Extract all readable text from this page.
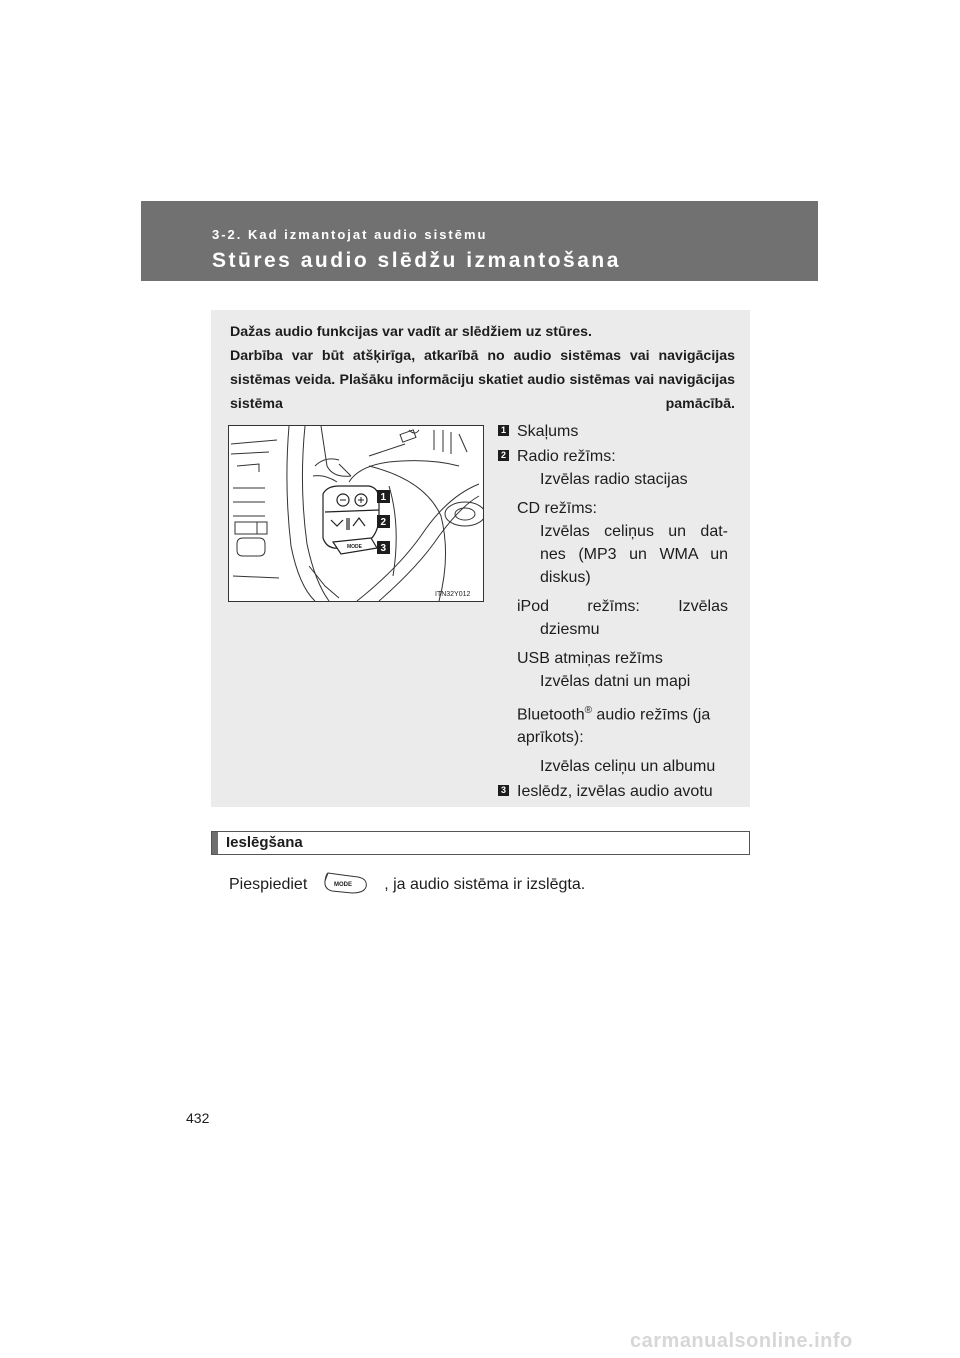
3-2. Kad izmantojat audio sistēmu
Stūres audio slēdžu izmantošana

Dažas audio funkcijas var vadīt ar slēdžiem uz stūres.

Darbība var būt atšķirīga, atkarībā no audio sistēmas vai navigācijas sistēmas veida. Plašāku informāciju skatiet audio sistēmas vai navigācijas sistēma pamācībā.

MODE
1
2
3
ITN32Y012
1 Skaļums
2 Radio režīms:
Izvēlas radio stacijas
CD režīms:
Izvēlas celiņus un dat-
nes (MP3 un WMA un
diskus)
iPod režīms: Izvēlas
dziesmu
USB atmiņas režīms
Izvēlas datni un mapi
Bluetooth® audio režīms (ja
aprīkots):
Izvēlas celiņu un albumu
3 Ieslēdz, izvēlas audio avotu
Ieslēgšana
Piespiediet	MODE , ja audio sistēma ir izslēgta.
432
carmanualsonline.info
